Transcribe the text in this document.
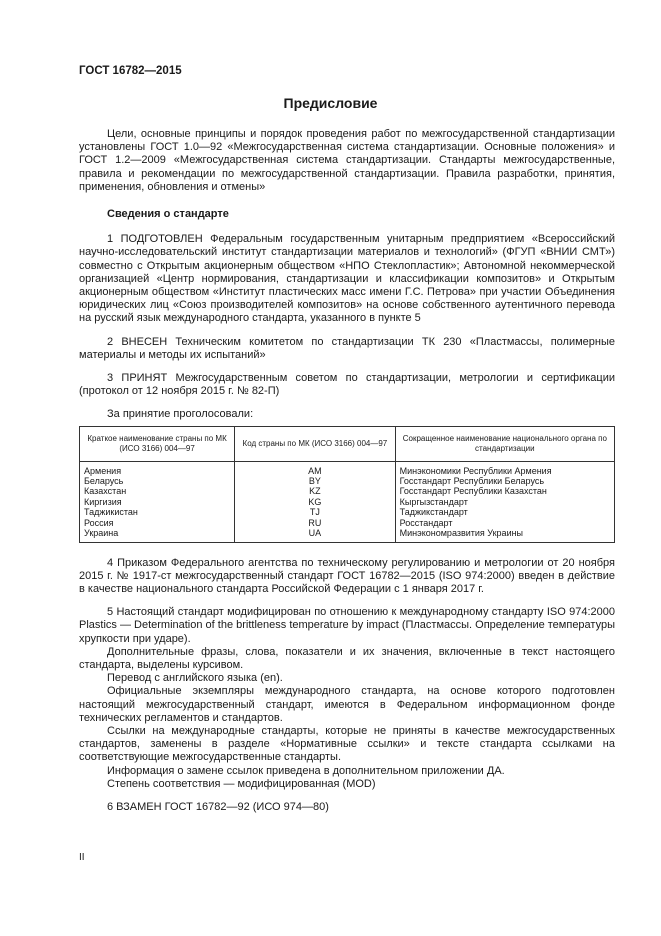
ГОСТ 16782—2015
Предисловие

Цели, основные принципы и порядок проведения работ по межгосударственной стандартизации установлены ГОСТ 1.0—92 «Межгосударственная система стандартизации. Основные положения» и ГОСТ 1.2—2009 «Межгосударственная система стандартизации. Стандарты межгосударственные, правила и рекомендации по межгосударственной стандартизации. Правила разработки, принятия, применения, обновления и отмены»

Сведения о стандарте

1 ПОДГОТОВЛЕН Федеральным государственным унитарным предприятием «Всероссийский научно-исследовательский институт стандартизации материалов и технологий» (ФГУП «ВНИИ СМТ») совместно с Открытым акционерным обществом «НПО Стеклопластик»; Автономной некоммерческой организацией «Центр нормирования, стандартизации и классификации композитов» и Открытым акционерным обществом «Институт пластических масс имени Г.С. Петрова» при участии Объединения юридических лиц «Союз производителей композитов» на основе собственного аутентичного перевода на русский язык международного стандарта, указанного в пункте 5

2 ВНЕСЕН Техническим комитетом по стандартизации ТК 230 «Пластмассы, полимерные материалы и методы их испытаний»

3 ПРИНЯТ Межгосударственным советом по стандартизации, метрологии и сертификации (протокол от 12 ноября 2015 г. № 82-П)

За принятие проголосовали:

Краткое наименование страны по МК (ИСО 3166) 004—97	Код страны по МК (ИСО 3166) 004—97	Сокращенное наименование национального органа по стандартизации
Армения	AM	Минэкономики Республики Армения
Беларусь	BY	Госстандарт Республики Беларусь
Казахстан	KZ	Госстандарт Республики Казахстан
Киргизия	KG	Кыргызстандарт
Таджикистан	TJ	Таджикстандарт
Россия	RU	Росстандарт
Украина	UA	Минэкономразвития Украины

4 Приказом Федерального агентства по техническому регулированию и метрологии от 20 ноября 2015 г. № 1917-ст межгосударственный стандарт ГОСТ 16782—2015 (ISO 974:2000) введен в действие в качестве национального стандарта Российской Федерации с 1 января 2017 г.

5 Настоящий стандарт модифицирован по отношению к международному стандарту ISO 974:2000 Plastics — Determination of the brittleness temperature by impact (Пластмассы. Определение температуры хрупкости при ударе).

Дополнительные фразы, слова, показатели и их значения, включенные в текст настоящего стандарта, выделены курсивом.

Перевод с английского языка (en).

Официальные экземпляры международного стандарта, на основе которого подготовлен настоящий межгосударственный стандарт, имеются в Федеральном информационном фонде технических регламентов и стандартов.

Ссылки на международные стандарты, которые не приняты в качестве межгосударственных стандартов, заменены в разделе «Нормативные ссылки» и тексте стандарта ссылками на соответствующие межгосударственные стандарты.

Информация о замене ссылок приведена в дополнительном приложении ДА.

Степень соответствия — модифицированная (MOD)

6 ВЗАМЕН ГОСТ 16782—92 (ИСО 974—80)

II
